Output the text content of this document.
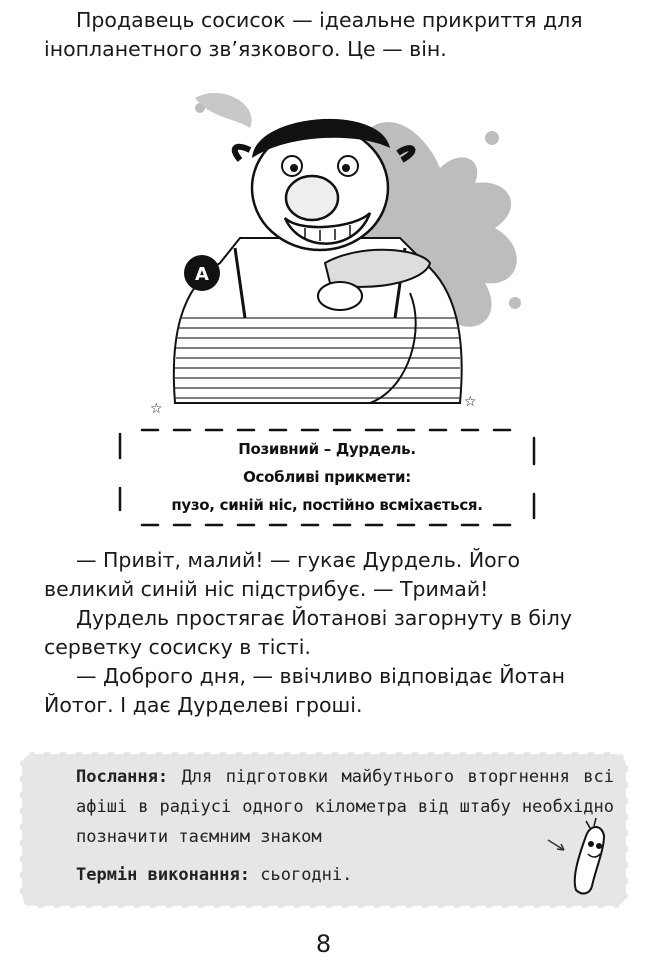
Продавець сосисок — ідеальне прикриття для інопланетного зв’язкового. Це — він.

A
☆	☆
Позивний – Дурдель.
Особливі прикмети:
пузо, синій ніс, постійно всміхається.

— Привіт, малий! — гукає Дурдель. Його великий синій ніс підстрибує. — Тримай!

Дурдель простягає Йотанові загорнуту в білу серветку сосиску в тісті.

— Доброго дня, — ввічливо відповідає Йотан Йотог. І дає Дурделеві гроші.

Послання: Для підготовки майбутнього вторгнення всі афіші в радіусі одного кілометра від штабу необхідно позначити таємним знаком

Термін виконання: сьогодні.

8
